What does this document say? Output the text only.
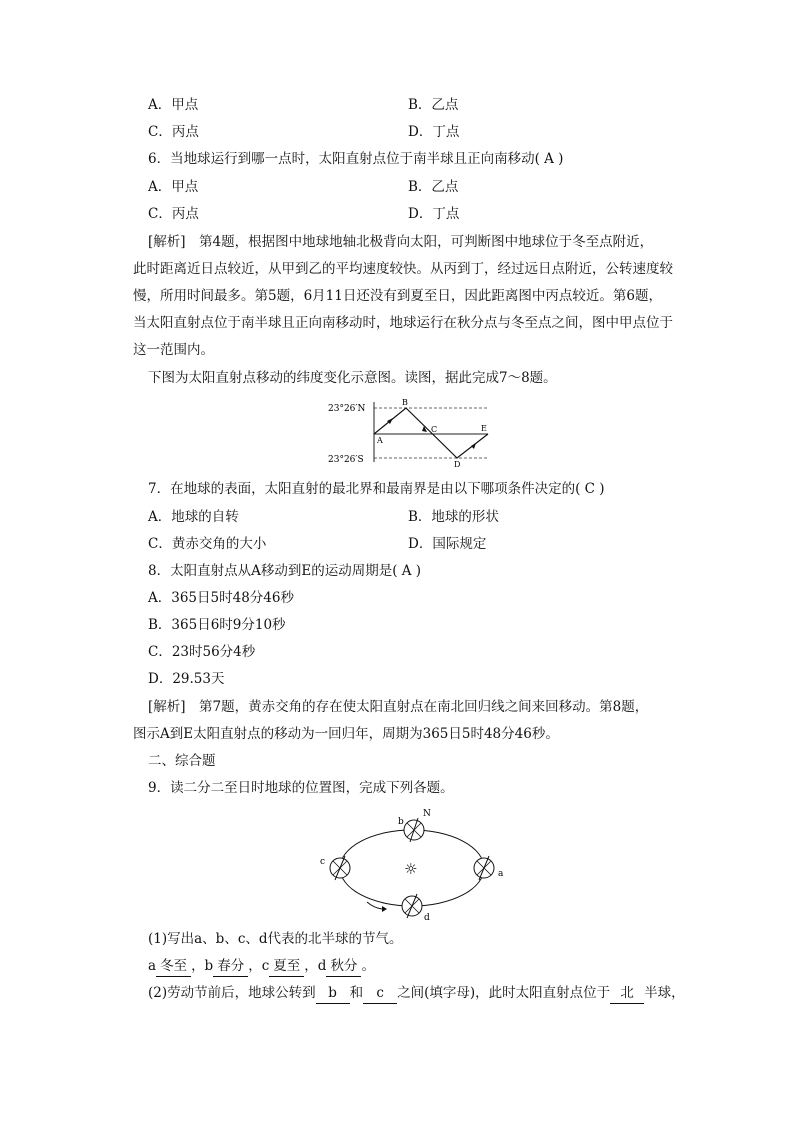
A．甲点	B．乙点
C．丙点	D．丁点
6．当地球运行到哪一点时，太阳直射点位于南半球且正向南移动( A )
A．甲点	B．乙点
C．丙点	D．丁点
[解析]　第4题，根据图中地球地轴北极背向太阳，可判断图中地球位于冬至点附近，
此时距离近日点较近，从甲到乙的平均速度较快。从丙到丁，经过远日点附近，公转速度较
慢，所用时间最多。第5题，6月11日还没有到夏至日，因此距离图中丙点较近。第6题，
当太阳直射点位于南半球且正向南移动时，地球运行在秋分点与冬至点之间，图中甲点位于
这一范围内。
下图为太阳直射点移动的纬度变化示意图。读图，据此完成7～8题。
23°26′N
23°26′S
A
B
C
D
E
7．在地球的表面，太阳直射的最北界和最南界是由以下哪项条件决定的( C )
A．地球的自转	B．地球的形状
C．黄赤交角的大小	D．国际规定
8．太阳直射点从A移动到E的运动周期是( A )
A．365日5时48分46秒
B．365日6时9分10秒
C．23时56分4秒
D．29.53天
[解析]　第7题，黄赤交角的存在使太阳直射点在南北回归线之间来回移动。第8题，
图示A到E太阳直射点的移动为一回归年，周期为365日5时48分46秒。
二、综合题
9．读二分二至日时地球的位置图，完成下列各题。
☼
N
b
c
a
d
(1)写出a、b、c、d代表的北半球的节气。
a 冬至 ，b 春分 ，c 夏至 ，d 秋分 。
(2)劳动节前后，地球公转到 b 和 c 之间(填字母)，此时太阳直射点位于 北 半球，
